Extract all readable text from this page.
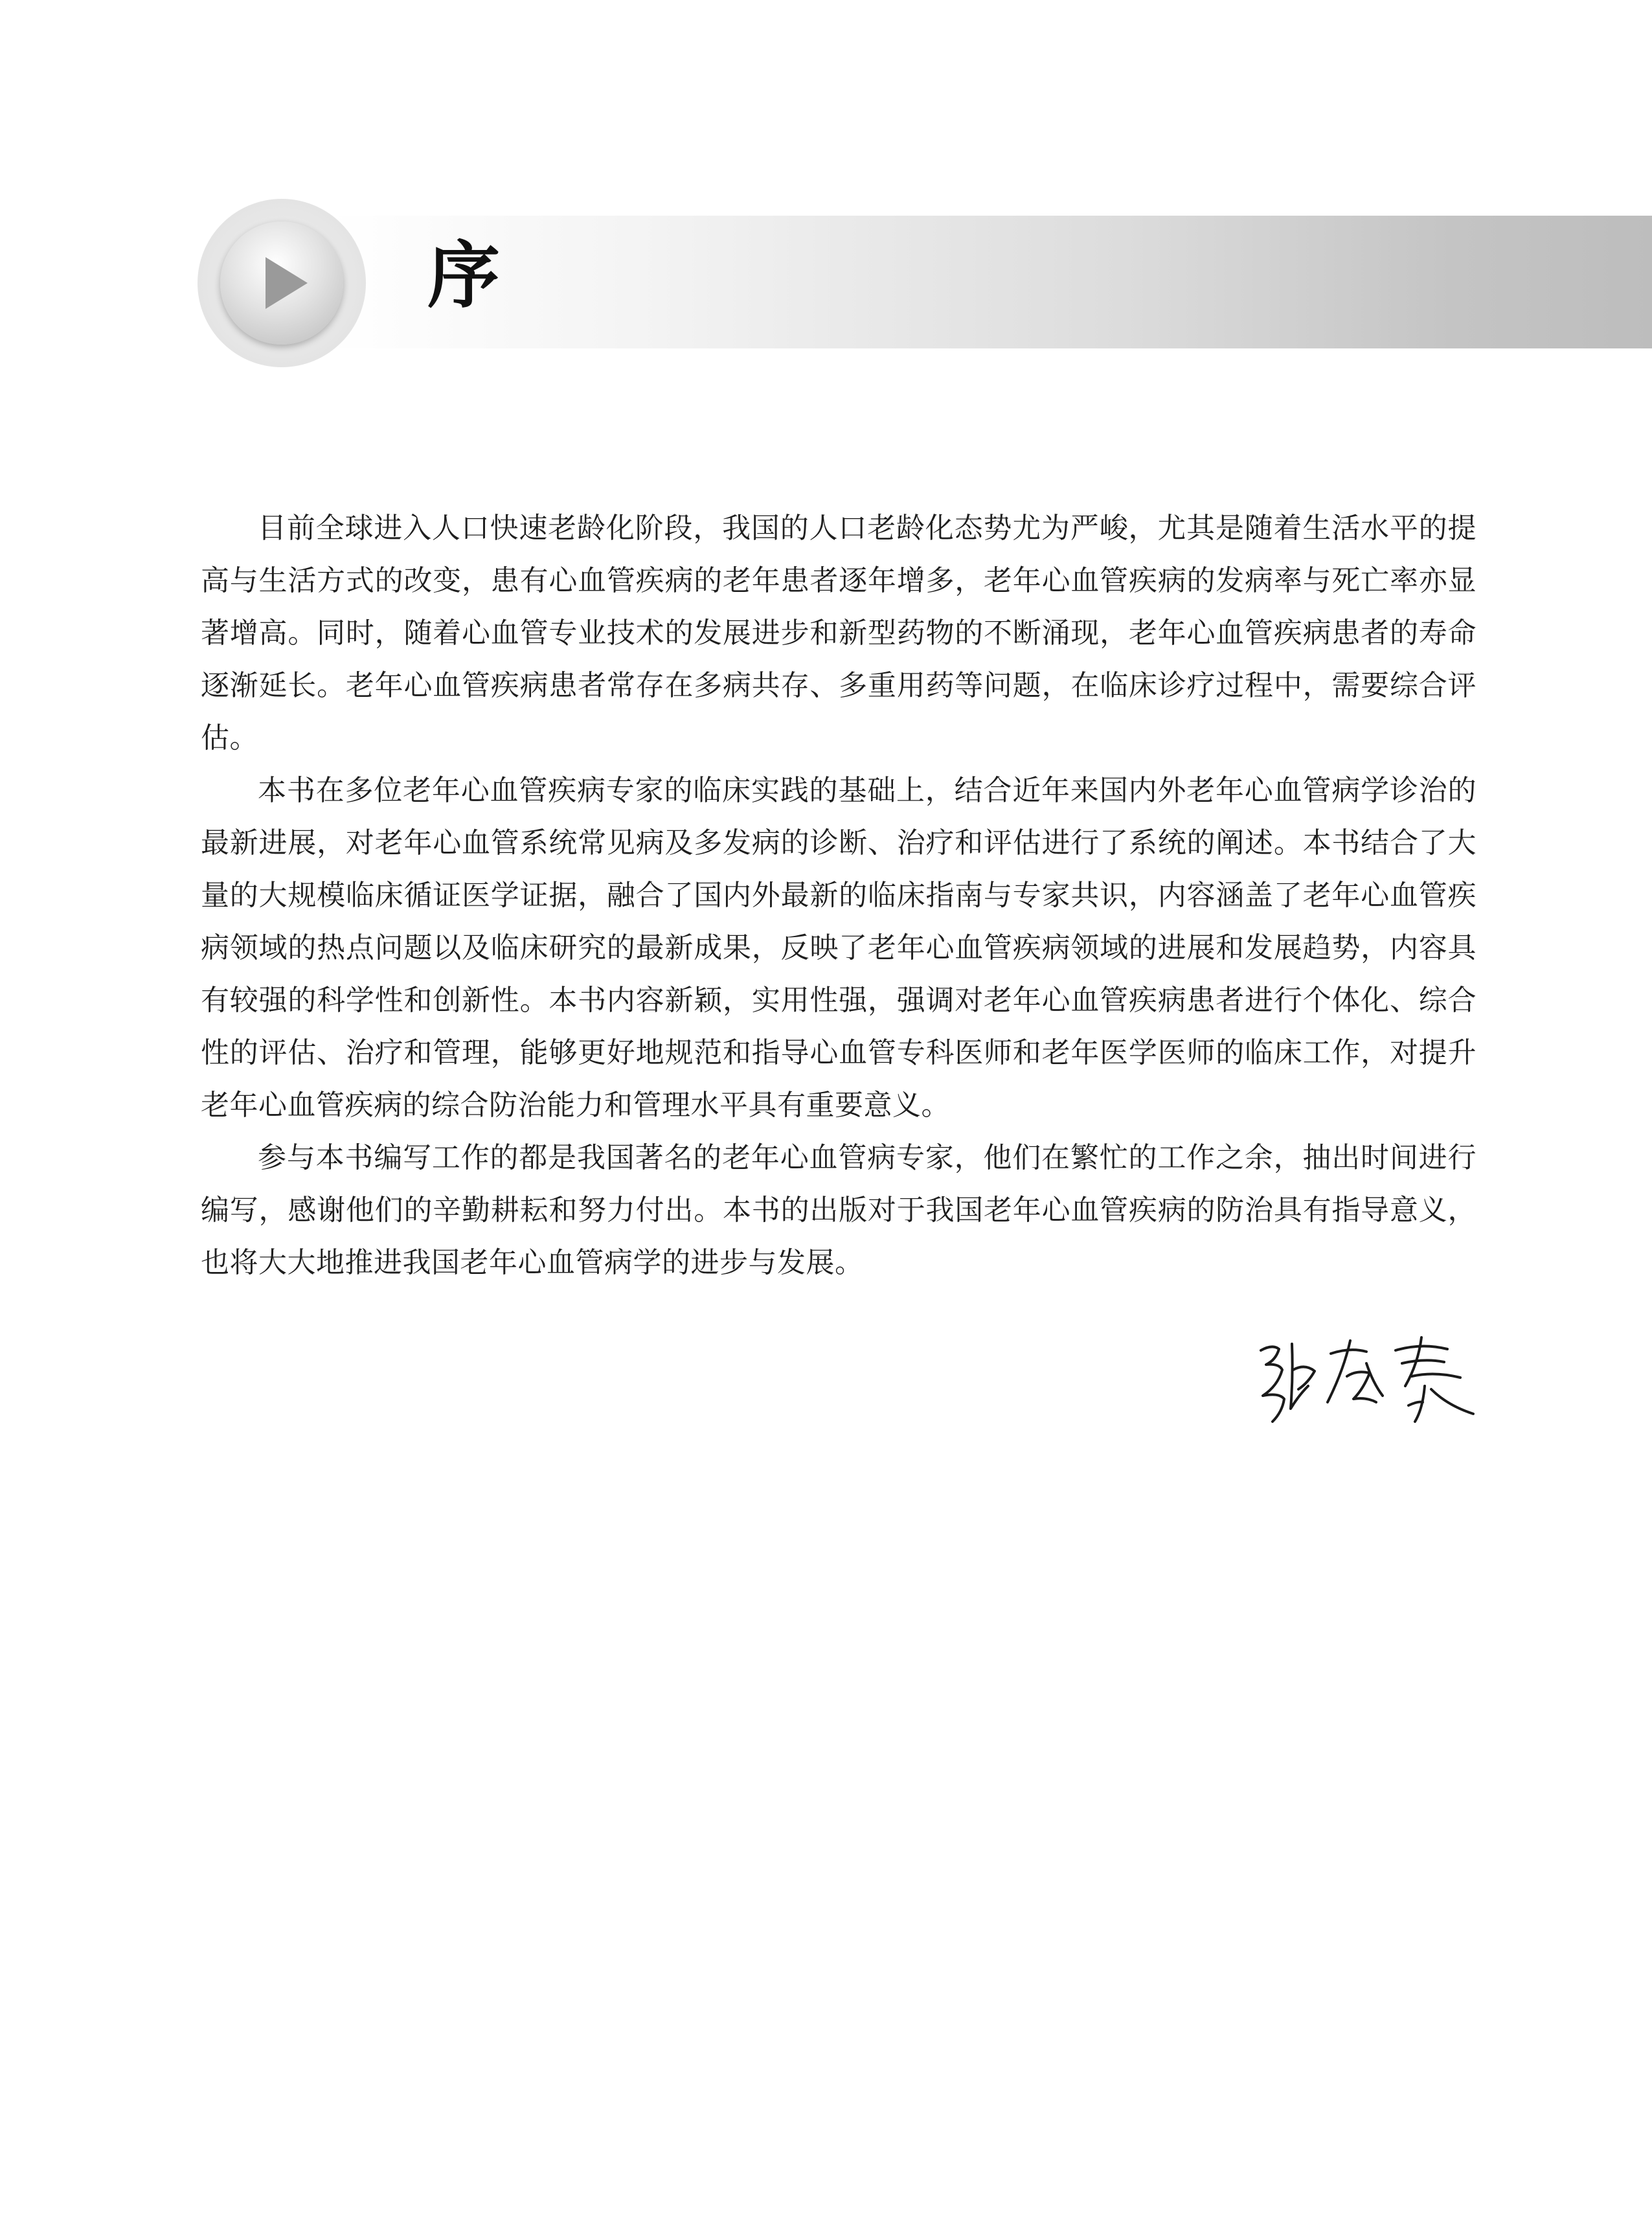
序

目前全球进入人口快速老龄化阶段，我国的人口老龄化态势尤为严峻，尤其是随着生活水平的提高与生活方式的改变，患有心血管疾病的老年患者逐年增多，老年心血管疾病的发病率与死亡率亦显著增高。同时，随着心血管专业技术的发展进步和新型药物的不断涌现，老年心血管疾病患者的寿命逐渐延长。老年心血管疾病患者常存在多病共存、多重用药等问题，在临床诊疗过程中，需要综合评估。

本书在多位老年心血管疾病专家的临床实践的基础上，结合近年来国内外老年心血管病学诊治的最新进展，对老年心血管系统常见病及多发病的诊断、治疗和评估进行了系统的阐述。本书结合了大量的大规模临床循证医学证据，融合了国内外最新的临床指南与专家共识，内容涵盖了老年心血管疾病领域的热点问题以及临床研究的最新成果，反映了老年心血管疾病领域的进展和发展趋势，内容具有较强的科学性和创新性。本书内容新颖，实用性强，强调对老年心血管疾病患者进行个体化、综合性的评估、治疗和管理，能够更好地规范和指导心血管专科医师和老年医学医师的临床工作，对提升老年心血管疾病的综合防治能力和管理水平具有重要意义。

参与本书编写工作的都是我国著名的老年心血管病专家，他们在繁忙的工作之余，抽出时间进行编写，感谢他们的辛勤耕耘和努力付出。本书的出版对于我国老年心血管疾病的防治具有指导意义，也将大大地推进我国老年心血管病学的进步与发展。
